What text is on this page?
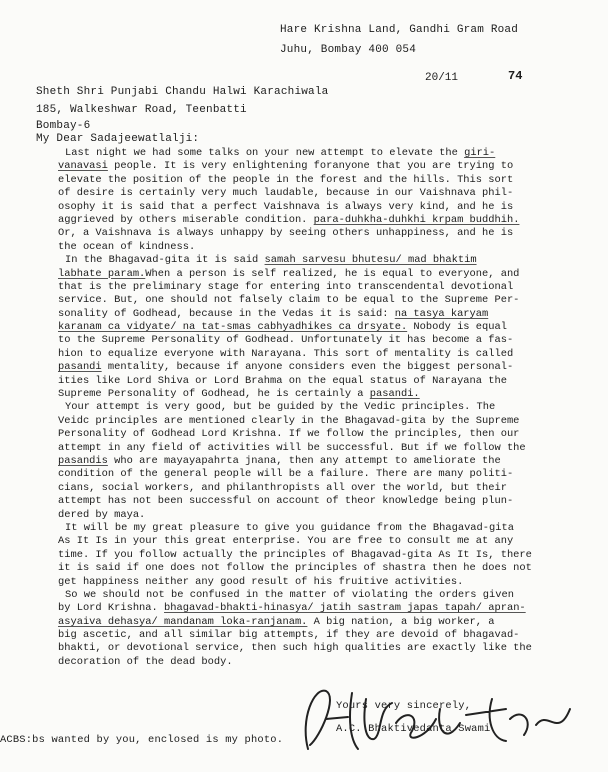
Hare Krishna Land, Gandhi Gram Road
Juhu, Bombay 400 054
20/11	74
Sheth Shri Punjabi Chandu Halwi Karachiwala
185, Walkeshwar Road, Teenbatti
Bombay-6
My Dear Sadajeewatlalji:
Last night we had some talks on your new attempt to elevate the giri-
vanavasi people. It is very enlightening foranyone that you are trying to
elevate the position of the people in the forest and the hills. This sort
of desire is certainly very much laudable, because in our Vaishnava phil-
osophy it is said that a perfect Vaishnava is always very kind, and he is
aggrieved by others miserable condition. para-duhkha-duhkhi krpam buddhih.
Or, a Vaishnava is always unhappy by seeing others unhappiness, and he is
the ocean of kindness.
In the Bhagavad-gita it is said samah sarvesu bhutesu/ mad bhaktim
labhate param.When a person is self realized, he is equal to everyone, and
that is the preliminary stage for entering into transcendental devotional
service. But, one should not falsely claim to be equal to the Supreme Per-
sonality of Godhead, because in the Vedas it is said: na tasya karyam
karanam ca vidyate/ na tat-smas cabhyadhikes ca drsyate. Nobody is equal
to the Supreme Personality of Godhead. Unfortunately it has become a fas-
hion to equalize everyone with Narayana. This sort of mentality is called
pasandi mentality, because if anyone considers even the biggest personal-
ities like Lord Shiva or Lord Brahma on the equal status of Narayana the
Supreme Personality of Godhead, he is certainly a pasandi.
Your attempt is very good, but be guided by the Vedic principles. The
Veidc principles are mentioned clearly in the Bhagavad-gita by the Supreme
Personality of Godhead Lord Krishna. If we follow the principles, then our
attempt in any field of activities will be successful. But if we follow the
pasandis who are mayayapahrta jnana, then any attempt to ameliorate the
condition of the general people will be a failure. There are many politi-
cians, social workers, and philanthropists all over the world, but their
attempt has not been successful on account of theor knowledge being plun-
dered by maya.
It will be my great pleasure to give you guidance from the Bhagavad-gita
As It Is in your this great enterprise. You are free to consult me at any
time. If you follow actually the principles of Bhagavad-gita As It Is, there
it is said if one does not follow the principles of shastra then he does not
get happiness neither any good result of his fruitive activities.
So we should not be confused in the matter of violating the orders given
by Lord Krishna. bhagavad-bhakti-hinasya/ jatih sastram japas tapah/ apran-
asyaiva dehasya/ mandanam loka-ranjanam. A big nation, a big worker, a
big ascetic, and all similar big attempts, if they are devoid of bhagavad-
bhakti, or devotional service, then such high qualities are exactly like the
decoration of the dead body.
Yours very sincerely,
A.C. Bhaktivedanta Swami
ACBS:bs wanted by you, enclosed is my photo.
